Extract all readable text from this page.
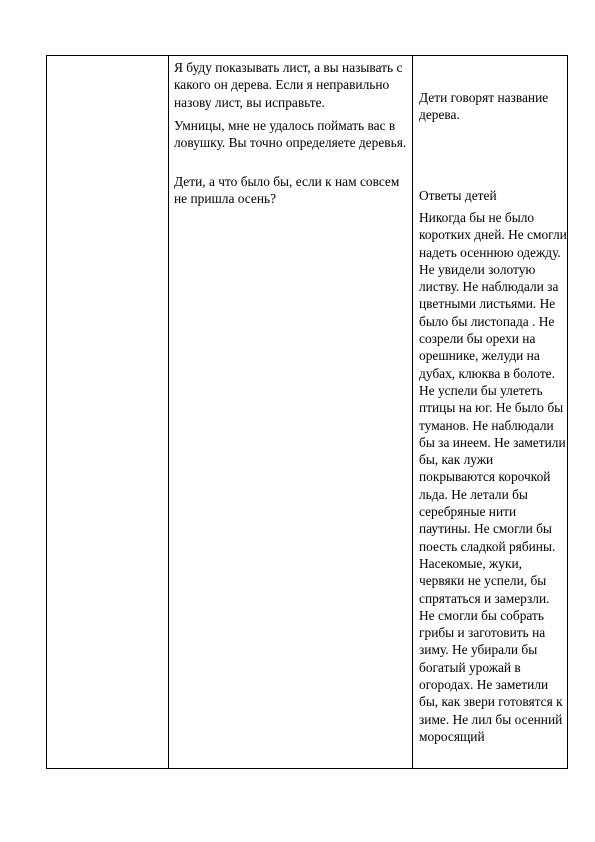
Я буду показывать лист, а вы называть с какого он дерева. Если я неправильно назову лист, вы исправьте.

Умницы, мне не удалось поймать вас в ловушку. Вы точно определяете деревья.

Дети, а что было бы, если к нам совсем не пришла осень?

Дети говорят название дерева.

Ответы детей

Никогда бы не было коротких дней. Не смогли надеть осеннюю одежду. Не увидели золотую листву. Не наблюдали за цветными листьями. Не было бы листопада . Не созрели бы орехи на орешнике, желуди на дубах, клюква в болоте. Не успели бы улететь птицы на юг. Не было бы туманов. Не наблюдали бы за инеем. Не заметили бы, как лужи покрываются корочкой льда. Не летали бы серебряные нити паутины. Не смогли бы поесть сладкой рябины. Насекомые, жуки, червяки не успели, бы спрятаться и замерзли. Не смогли бы собрать грибы и заготовить на зиму. Не убирали бы богатый урожай в огородах. Не заметили бы, как звери готовятся к зиме. Не лил бы осенний моросящий
